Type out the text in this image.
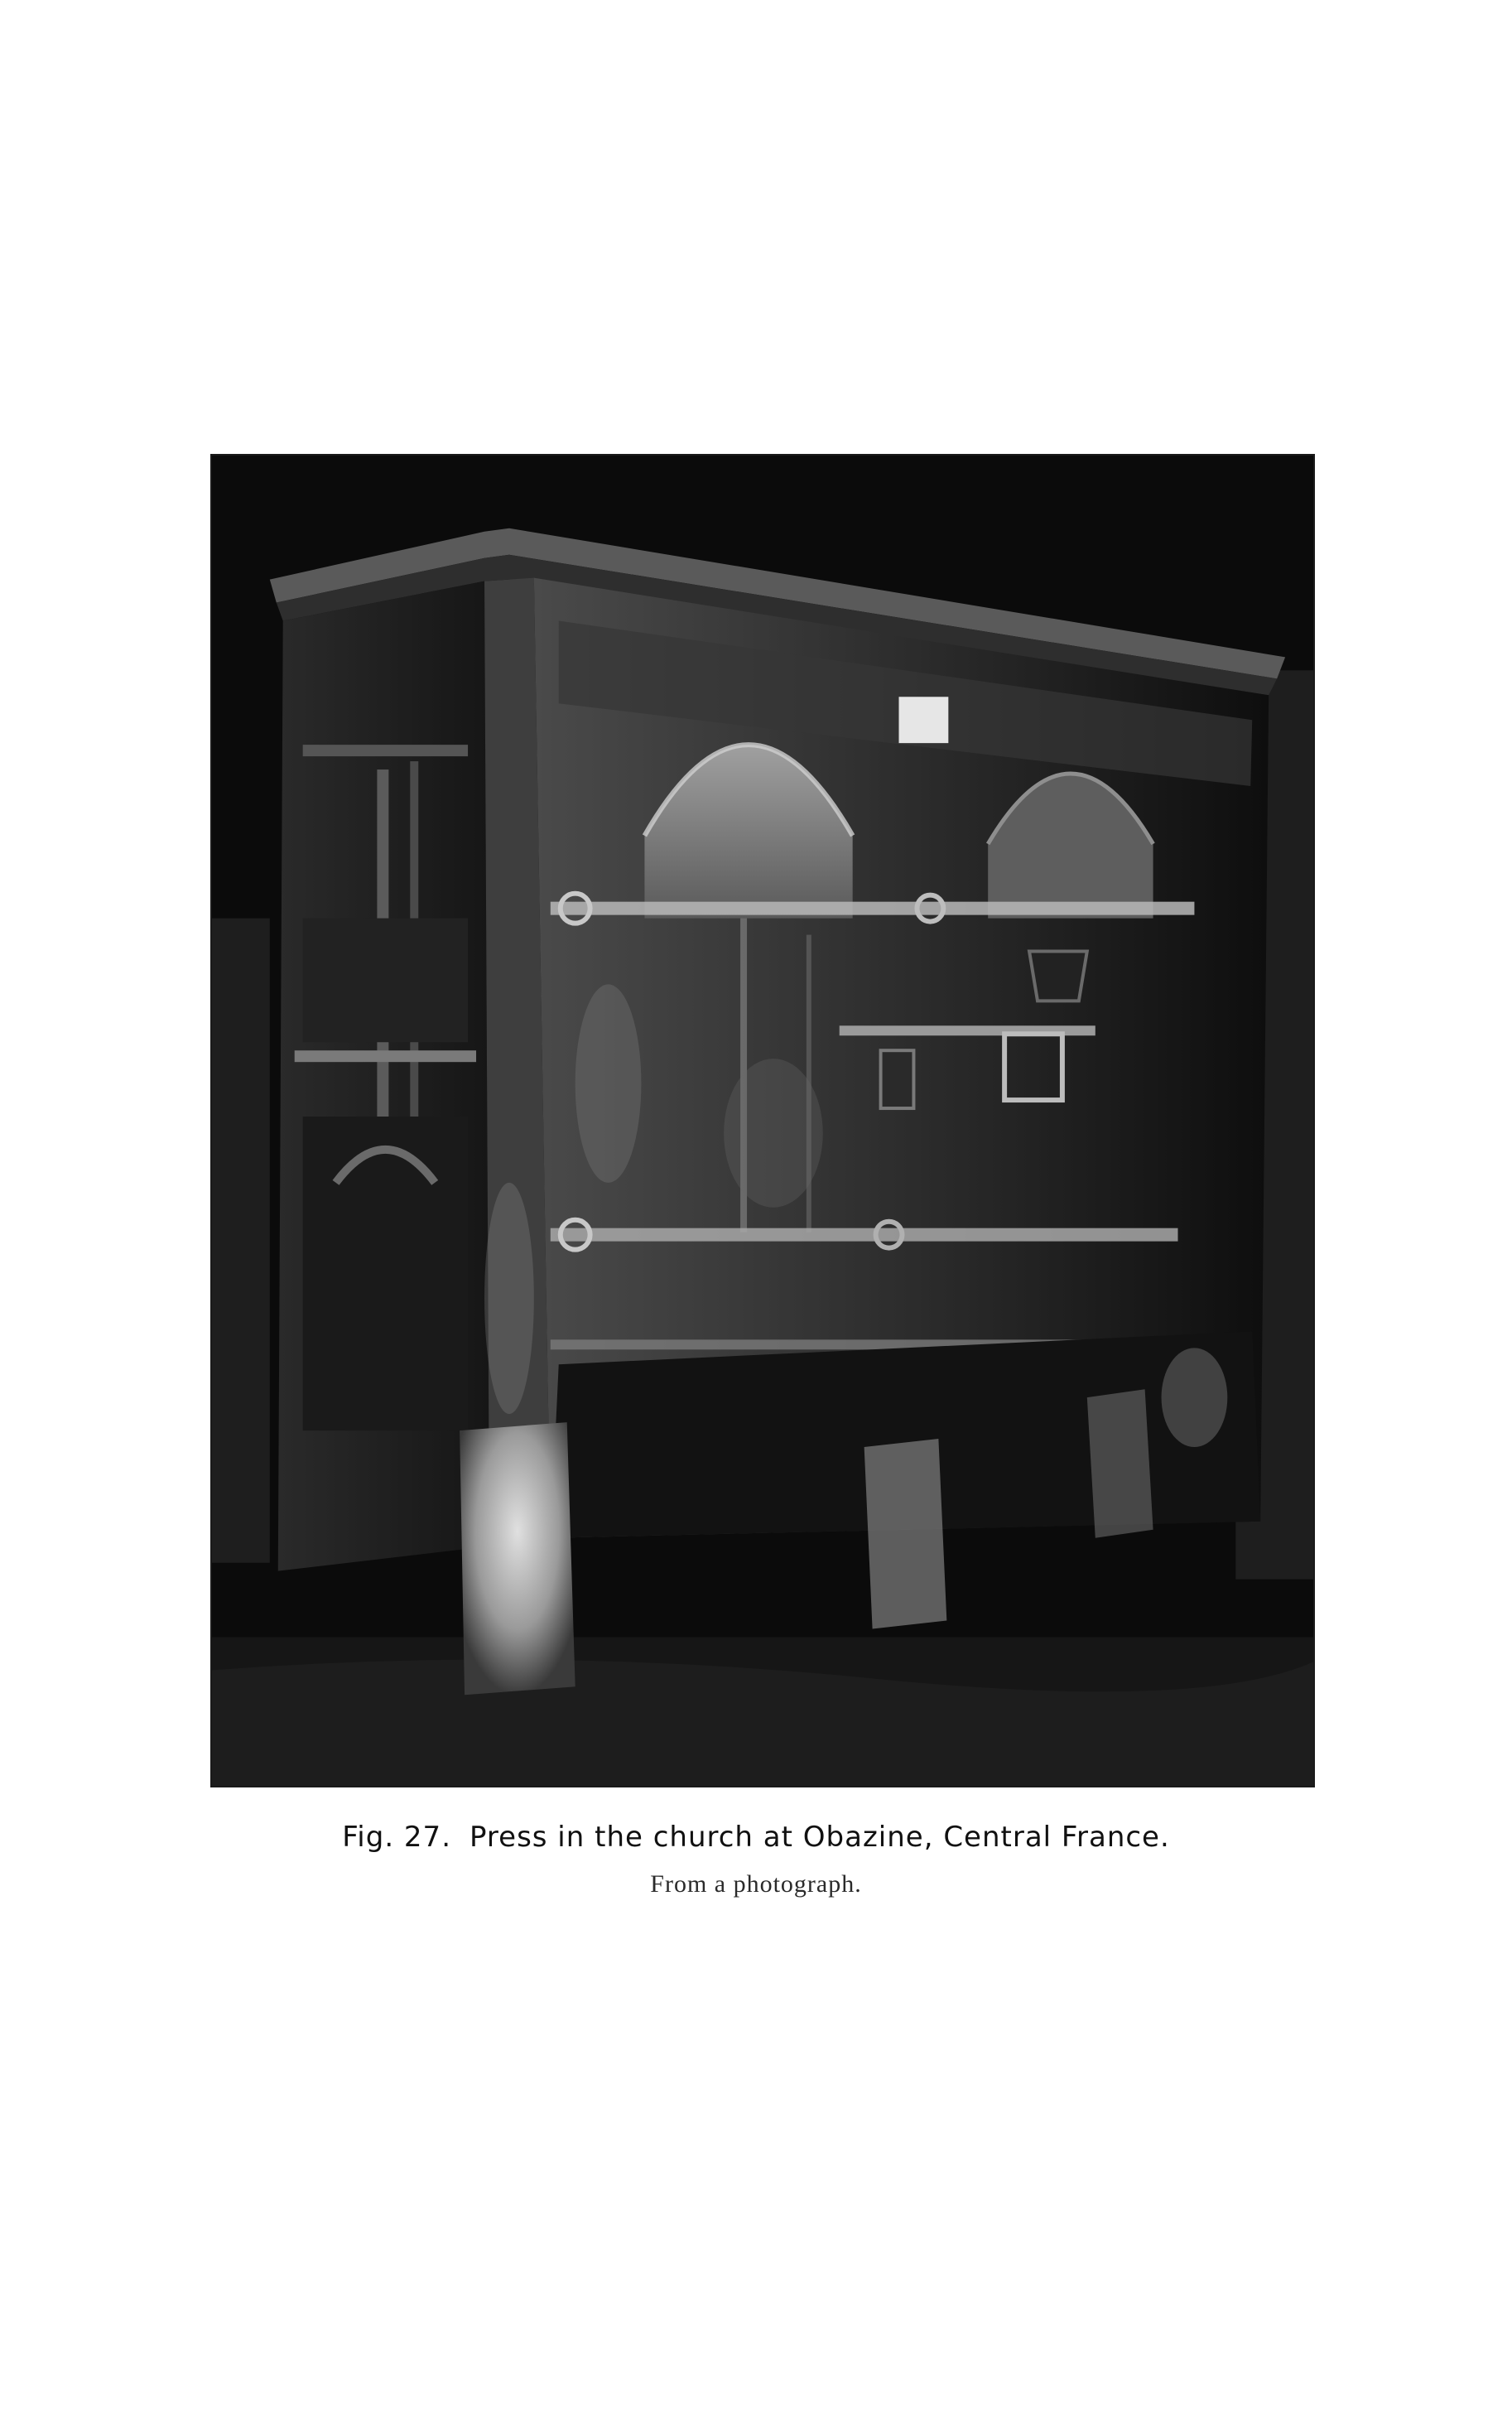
Fig. 27. Press in the church at Obazine, Central France.
From a photograph.
